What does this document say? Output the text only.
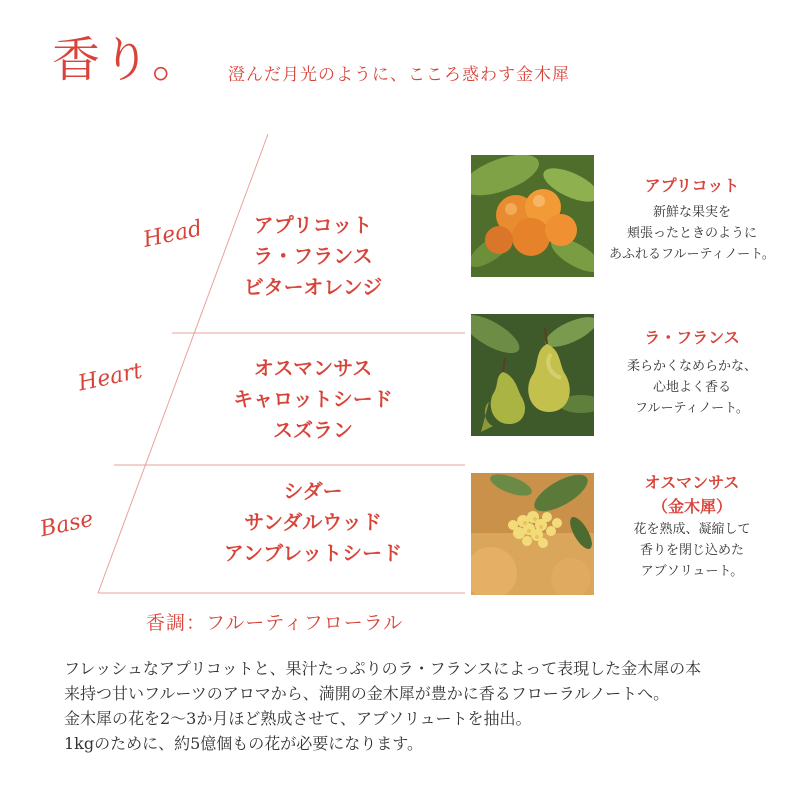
香り。 澄んだ月光のように、こころ惑わす金木犀
Head
Heart
Base
アプリコット
ラ・フランス
ビターオレンジ
オスマンサス
キャロットシード
スズラン
シダー
サンダルウッド
アンブレットシード
アプリコット
新鮮な果実を
頬張ったときのように
あふれるフルーティノート。
ラ・フランス
柔らかくなめらかな、
心地よく香る
フルーティノート。
オスマンサス
（金木犀）
花を熟成、凝縮して
香りを閉じ込めた
アブソリュート。
香調：フルーティフローラル
フレッシュなアプリコットと、果汁たっぷりのラ・フランスによって表現した金木犀の本
来持つ甘いフルーツのアロマから、満開の金木犀が豊かに香るフローラルノートへ。
金木犀の花を2〜3か月ほど熟成させて、アブソリュートを抽出。
1kgのために、約5億個もの花が必要になります。
